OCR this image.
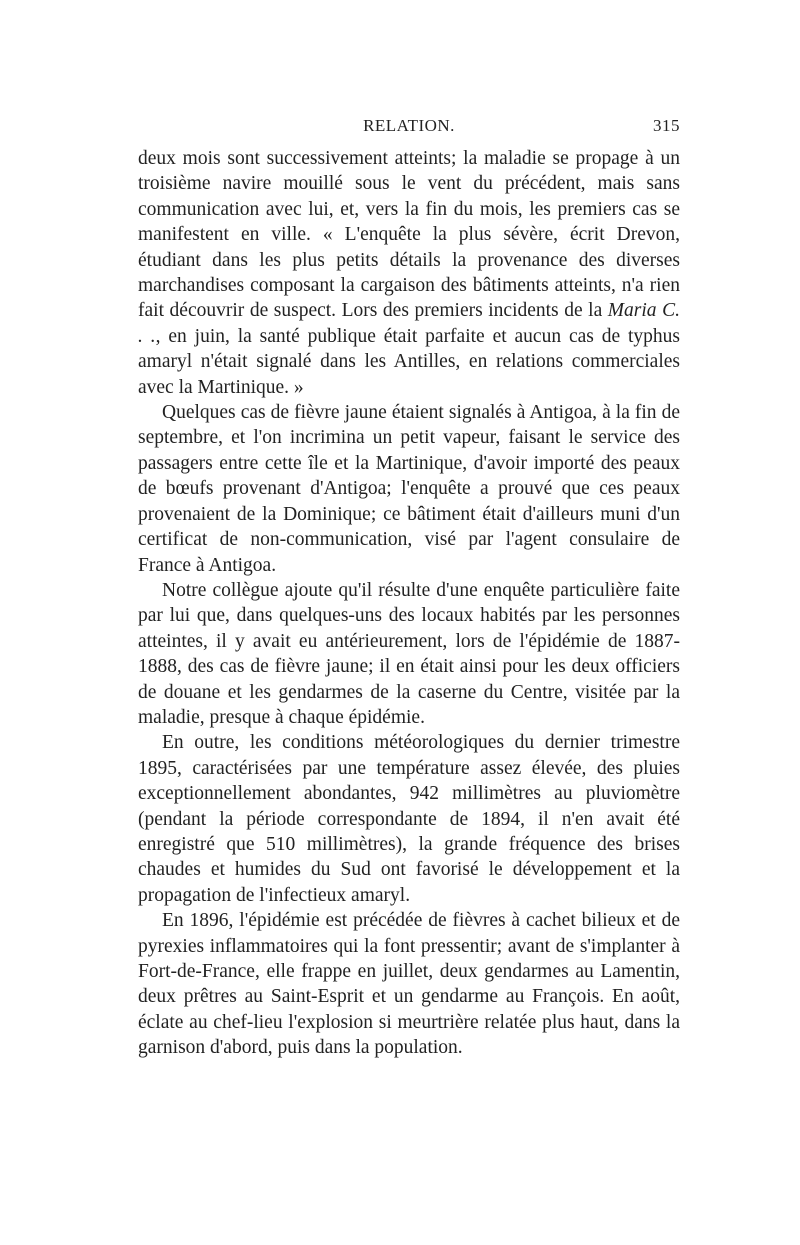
RELATION.	315

deux mois sont successivement atteints; la maladie se propage à un troisième navire mouillé sous le vent du précédent, mais sans communication avec lui, et, vers la fin du mois, les premiers cas se manifestent en ville. « L'enquête la plus sévère, écrit Drevon, étudiant dans les plus petits détails la provenance des diverses marchandises composant la cargaison des bâtiments atteints, n'a rien fait découvrir de suspect. Lors des premiers incidents de la Maria C. . ., en juin, la santé publique était parfaite et aucun cas de typhus amaryl n'était signalé dans les Antilles, en relations commerciales avec la Martinique. »

Quelques cas de fièvre jaune étaient signalés à Antigoa, à la fin de septembre, et l'on incrimina un petit vapeur, faisant le service des passagers entre cette île et la Martinique, d'avoir importé des peaux de bœufs provenant d'Antigoa; l'enquête a prouvé que ces peaux provenaient de la Dominique; ce bâtiment était d'ailleurs muni d'un certificat de non-communication, visé par l'agent consulaire de France à Antigoa.

Notre collègue ajoute qu'il résulte d'une enquête particulière faite par lui que, dans quelques-uns des locaux habités par les personnes atteintes, il y avait eu antérieurement, lors de l'épidémie de 1887-1888, des cas de fièvre jaune; il en était ainsi pour les deux officiers de douane et les gendarmes de la caserne du Centre, visitée par la maladie, presque à chaque épidémie.

En outre, les conditions météorologiques du dernier trimestre 1895, caractérisées par une température assez élevée, des pluies exceptionnellement abondantes, 942 millimètres au pluviomètre (pendant la période correspondante de 1894, il n'en avait été enregistré que 510 millimètres), la grande fréquence des brises chaudes et humides du Sud ont favorisé le développement et la propagation de l'infectieux amaryl.

En 1896, l'épidémie est précédée de fièvres à cachet bilieux et de pyrexies inflammatoires qui la font pressentir; avant de s'implanter à Fort-de-France, elle frappe en juillet, deux gendarmes au Lamentin, deux prêtres au Saint-Esprit et un gendarme au François. En août, éclate au chef-lieu l'explosion si meurtrière relatée plus haut, dans la garnison d'abord, puis dans la population.
